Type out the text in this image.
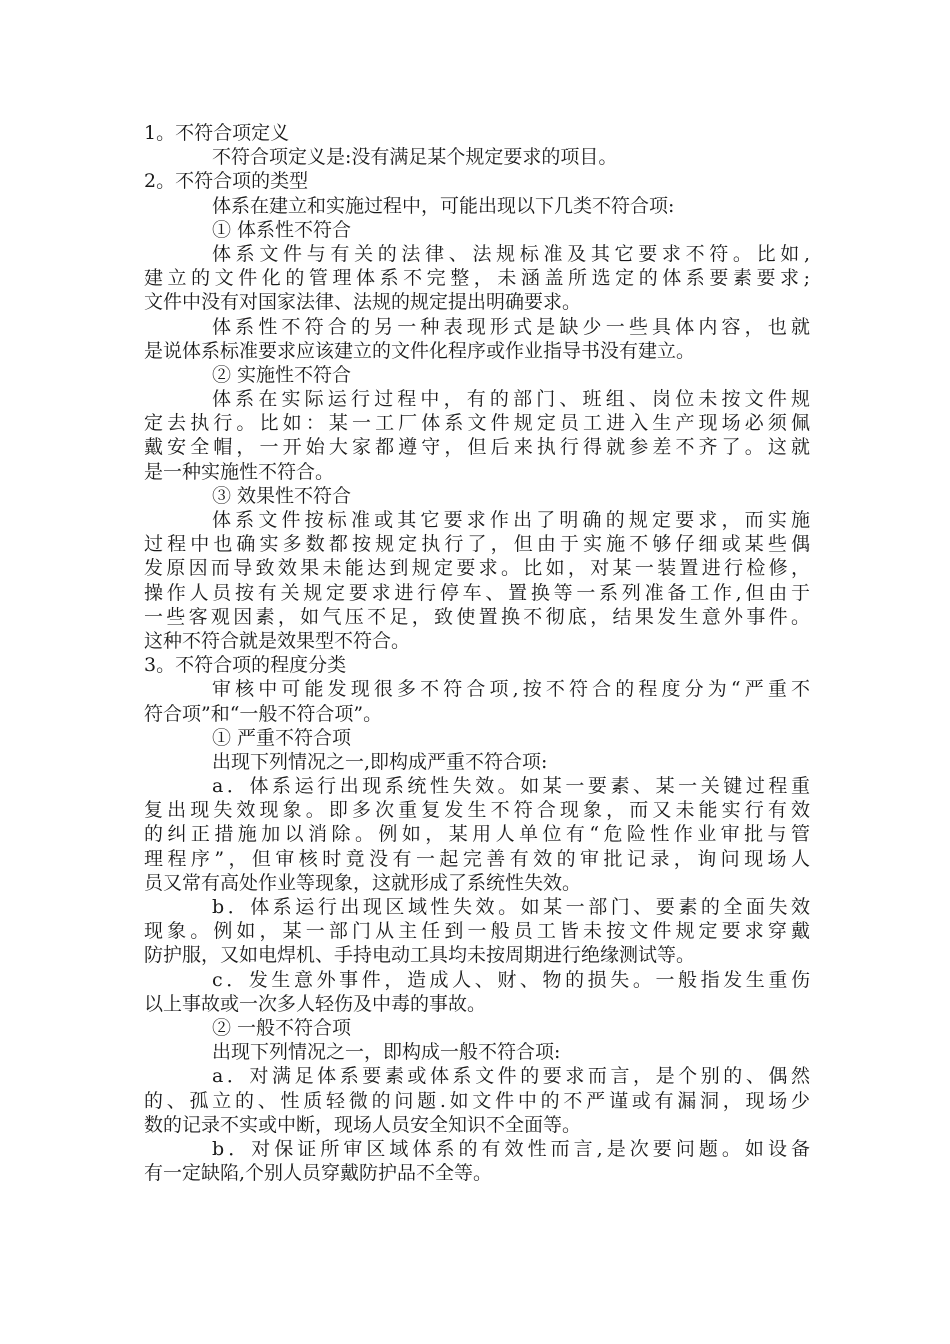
1。不符合项定义
不符合项定义是:没有满足某个规定要求的项目。
2。不符合项的类型
体系在建立和实施过程中，可能出现以下几类不符合项:
① 体系性不符合
体系文件与有关的法律、法规标准及其它要求不符。比如,
建立的文件化的管理体系不完整，未涵盖所选定的体系要素要求;
文件中没有对国家法律、法规的规定提出明确要求。
体系性不符合的另一种表现形式是缺少一些具体内容，也就
是说体系标准要求应该建立的文件化程序或作业指导书没有建立。
② 实施性不符合
体系在实际运行过程中，有的部门、班组、岗位未按文件规
定去执行。比如：某一工厂体系文件规定员工进入生产现场必须佩
戴安全帽，一开始大家都遵守，但后来执行得就参差不齐了。这就
是一种实施性不符合。
③ 效果性不符合
体系文件按标准或其它要求作出了明确的规定要求，而实施
过程中也确实多数都按规定执行了，但由于实施不够仔细或某些偶
发原因而导致效果未能达到规定要求。比如，对某一装置进行检修，
操作人员按有关规定要求进行停车、置换等一系列准备工作,但由于
一些客观因素，如气压不足，致使置换不彻底，结果发生意外事件。
这种不符合就是效果型不符合。
3。不符合项的程度分类
审核中可能发现很多不符合项,按不符合的程度分为“严重不
符合项”和“一般不符合项”。
① 严重不符合项
出现下列情况之一,即构成严重不符合项:
a．体系运行出现系统性失效。如某一要素、某一关键过程重
复出现失效现象。即多次重复发生不符合现象，而又未能实行有效
的纠正措施加以消除。例如，某用人单位有“危险性作业审批与管
理程序”，但审核时竟没有一起完善有效的审批记录，询问现场人
员又常有高处作业等现象，这就形成了系统性失效。
b．体系运行出现区域性失效。如某一部门、要素的全面失效
现象。例如，某一部门从主任到一般员工皆未按文件规定要求穿戴
防护服，又如电焊机、手持电动工具均未按周期进行绝缘测试等。
c．发生意外事件，造成人、财、物的损失。一般指发生重伤
以上事故或一次多人轻伤及中毒的事故。
② 一般不符合项
出现下列情况之一，即构成一般不符合项:
a．对满足体系要素或体系文件的要求而言，是个别的、偶然
的、孤立的、性质轻微的问题.如文件中的不严谨或有漏洞，现场少
数的记录不实或中断，现场人员安全知识不全面等。
b．对保证所审区域体系的有效性而言,是次要问题。如设备
有一定缺陷,个别人员穿戴防护品不全等。
